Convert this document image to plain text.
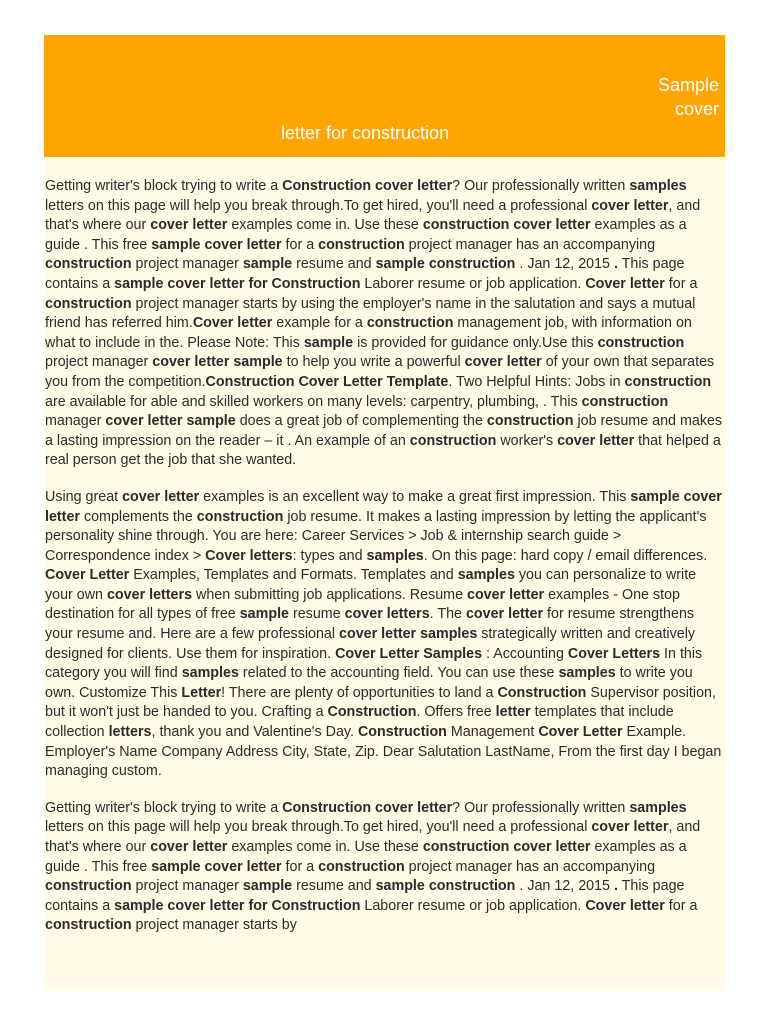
Sample
cover
letter for construction

Getting writer's block trying to write a Construction cover letter? Our professionally written samples letters on this page will help you break through.To get hired, you'll need a professional cover letter, and that's where our cover letter examples come in. Use these construction cover letter examples as a guide . This free sample cover letter for a construction project manager has an accompanying construction project manager sample resume and sample construction . Jan 12, 2015 . This page contains a sample cover letter for Construction Laborer resume or job application. Cover letter for a construction project manager starts by using the employer's name in the salutation and says a mutual friend has referred him.Cover letter example for a construction management job, with information on what to include in the. Please Note: This sample is provided for guidance only.Use this construction project manager cover letter sample to help you write a powerful cover letter of your own that separates you from the competition.Construction Cover Letter Template. Two Helpful Hints: Jobs in construction are available for able and skilled workers on many levels: carpentry, plumbing, . This construction manager cover letter sample does a great job of complementing the construction job resume and makes a lasting impression on the reader – it . An example of an construction worker's cover letter that helped a real person get the job that she wanted.

Using great cover letter examples is an excellent way to make a great first impression. This sample cover letter complements the construction job resume. It makes a lasting impression by letting the applicant's personality shine through. You are here: Career Services > Job & internship search guide > Correspondence index > Cover letters: types and samples. On this page: hard copy / email differences. Cover Letter Examples, Templates and Formats. Templates and samples you can personalize to write your own cover letters when submitting job applications. Resume cover letter examples - One stop destination for all types of free sample resume cover letters. The cover letter for resume strengthens your resume and. Here are a few professional cover letter samples strategically written and creatively designed for clients. Use them for inspiration. Cover Letter Samples : Accounting Cover Letters In this category you will find samples related to the accounting field. You can use these samples to write you own. Customize This Letter! There are plenty of opportunities to land a Construction Supervisor position, but it won't just be handed to you. Crafting a Construction. Offers free letter templates that include collection letters, thank you and Valentine's Day. Construction Management Cover Letter Example. Employer's Name Company Address City, State, Zip. Dear Salutation LastName, From the first day I began managing custom.

Getting writer's block trying to write a Construction cover letter? Our professionally written samples letters on this page will help you break through.To get hired, you'll need a professional cover letter, and that's where our cover letter examples come in. Use these construction cover letter examples as a guide . This free sample cover letter for a construction project manager has an accompanying construction project manager sample resume and sample construction . Jan 12, 2015 . This page contains a sample cover letter for Construction Laborer resume or job application. Cover letter for a construction project manager starts by
